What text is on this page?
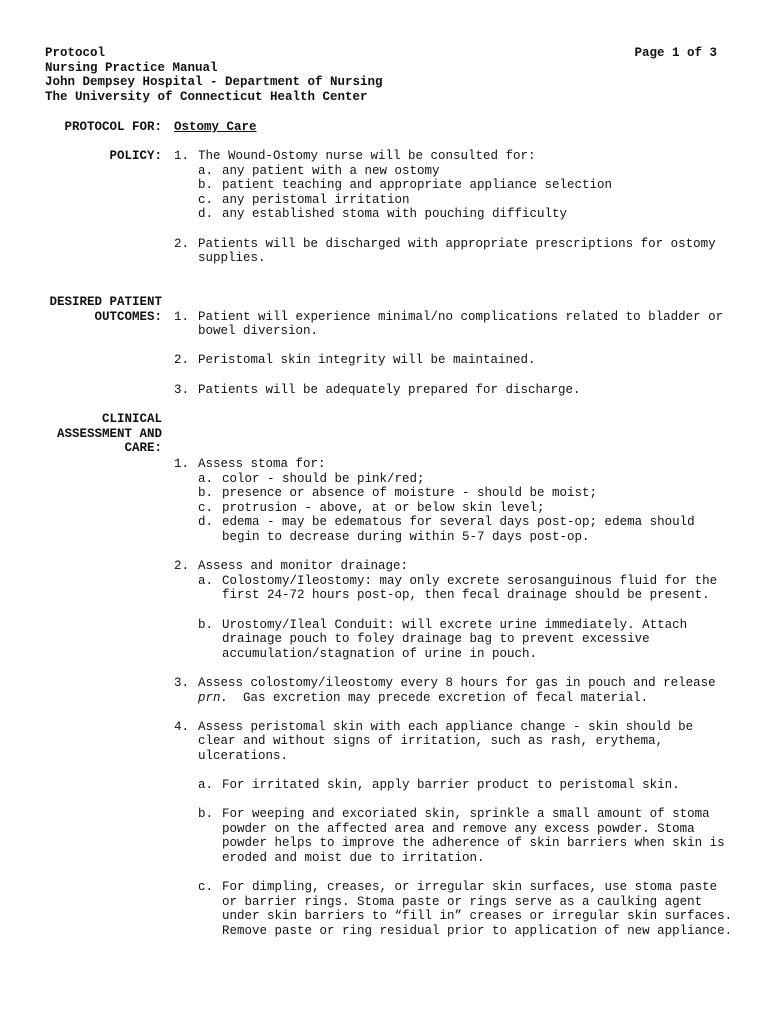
Protocol
Nursing Practice Manual
John Dempsey Hospital - Department of Nursing
The University of Connecticut Health Center
Page 1 of 3
PROTOCOL FOR: Ostomy Care
POLICY: 1. The Wound-Ostomy nurse will be consulted for:
a. any patient with a new ostomy
b. patient teaching and appropriate appliance selection
c. any peristomal irritation
d. any established stoma with pouching difficulty
2. Patients will be discharged with appropriate prescriptions for ostomy supplies.
DESIRED PATIENT
OUTCOMES: 1. Patient will experience minimal/no complications related to bladder or bowel diversion.
2. Peristomal skin integrity will be maintained.
3. Patients will be adequately prepared for discharge.
CLINICAL
ASSESSMENT AND
CARE:
1. Assess stoma for:
a. color - should be pink/red;
b. presence or absence of moisture - should be moist;
c. protrusion - above, at or below skin level;
d. edema - may be edematous for several days post-op; edema should begin to decrease during within 5-7 days post-op.
2. Assess and monitor drainage:
a. Colostomy/Ileostomy: may only excrete serosanguinous fluid for the first 24-72 hours post-op, then fecal drainage should be present.
b. Urostomy/Ileal Conduit: will excrete urine immediately. Attach drainage pouch to foley drainage bag to prevent excessive accumulation/stagnation of urine in pouch.
3. Assess colostomy/ileostomy every 8 hours for gas in pouch and release prn. Gas excretion may precede excretion of fecal material.
4. Assess peristomal skin with each appliance change - skin should be clear and without signs of irritation, such as rash, erythema, ulcerations.
a. For irritated skin, apply barrier product to peristomal skin.
b. For weeping and excoriated skin, sprinkle a small amount of stoma powder on the affected area and remove any excess powder. Stoma powder helps to improve the adherence of skin barriers when skin is eroded and moist due to irritation.
c. For dimpling, creases, or irregular skin surfaces, use stoma paste or barrier rings. Stoma paste or rings serve as a caulking agent under skin barriers to “fill in” creases or irregular skin surfaces. Remove paste or ring residual prior to application of new appliance.
